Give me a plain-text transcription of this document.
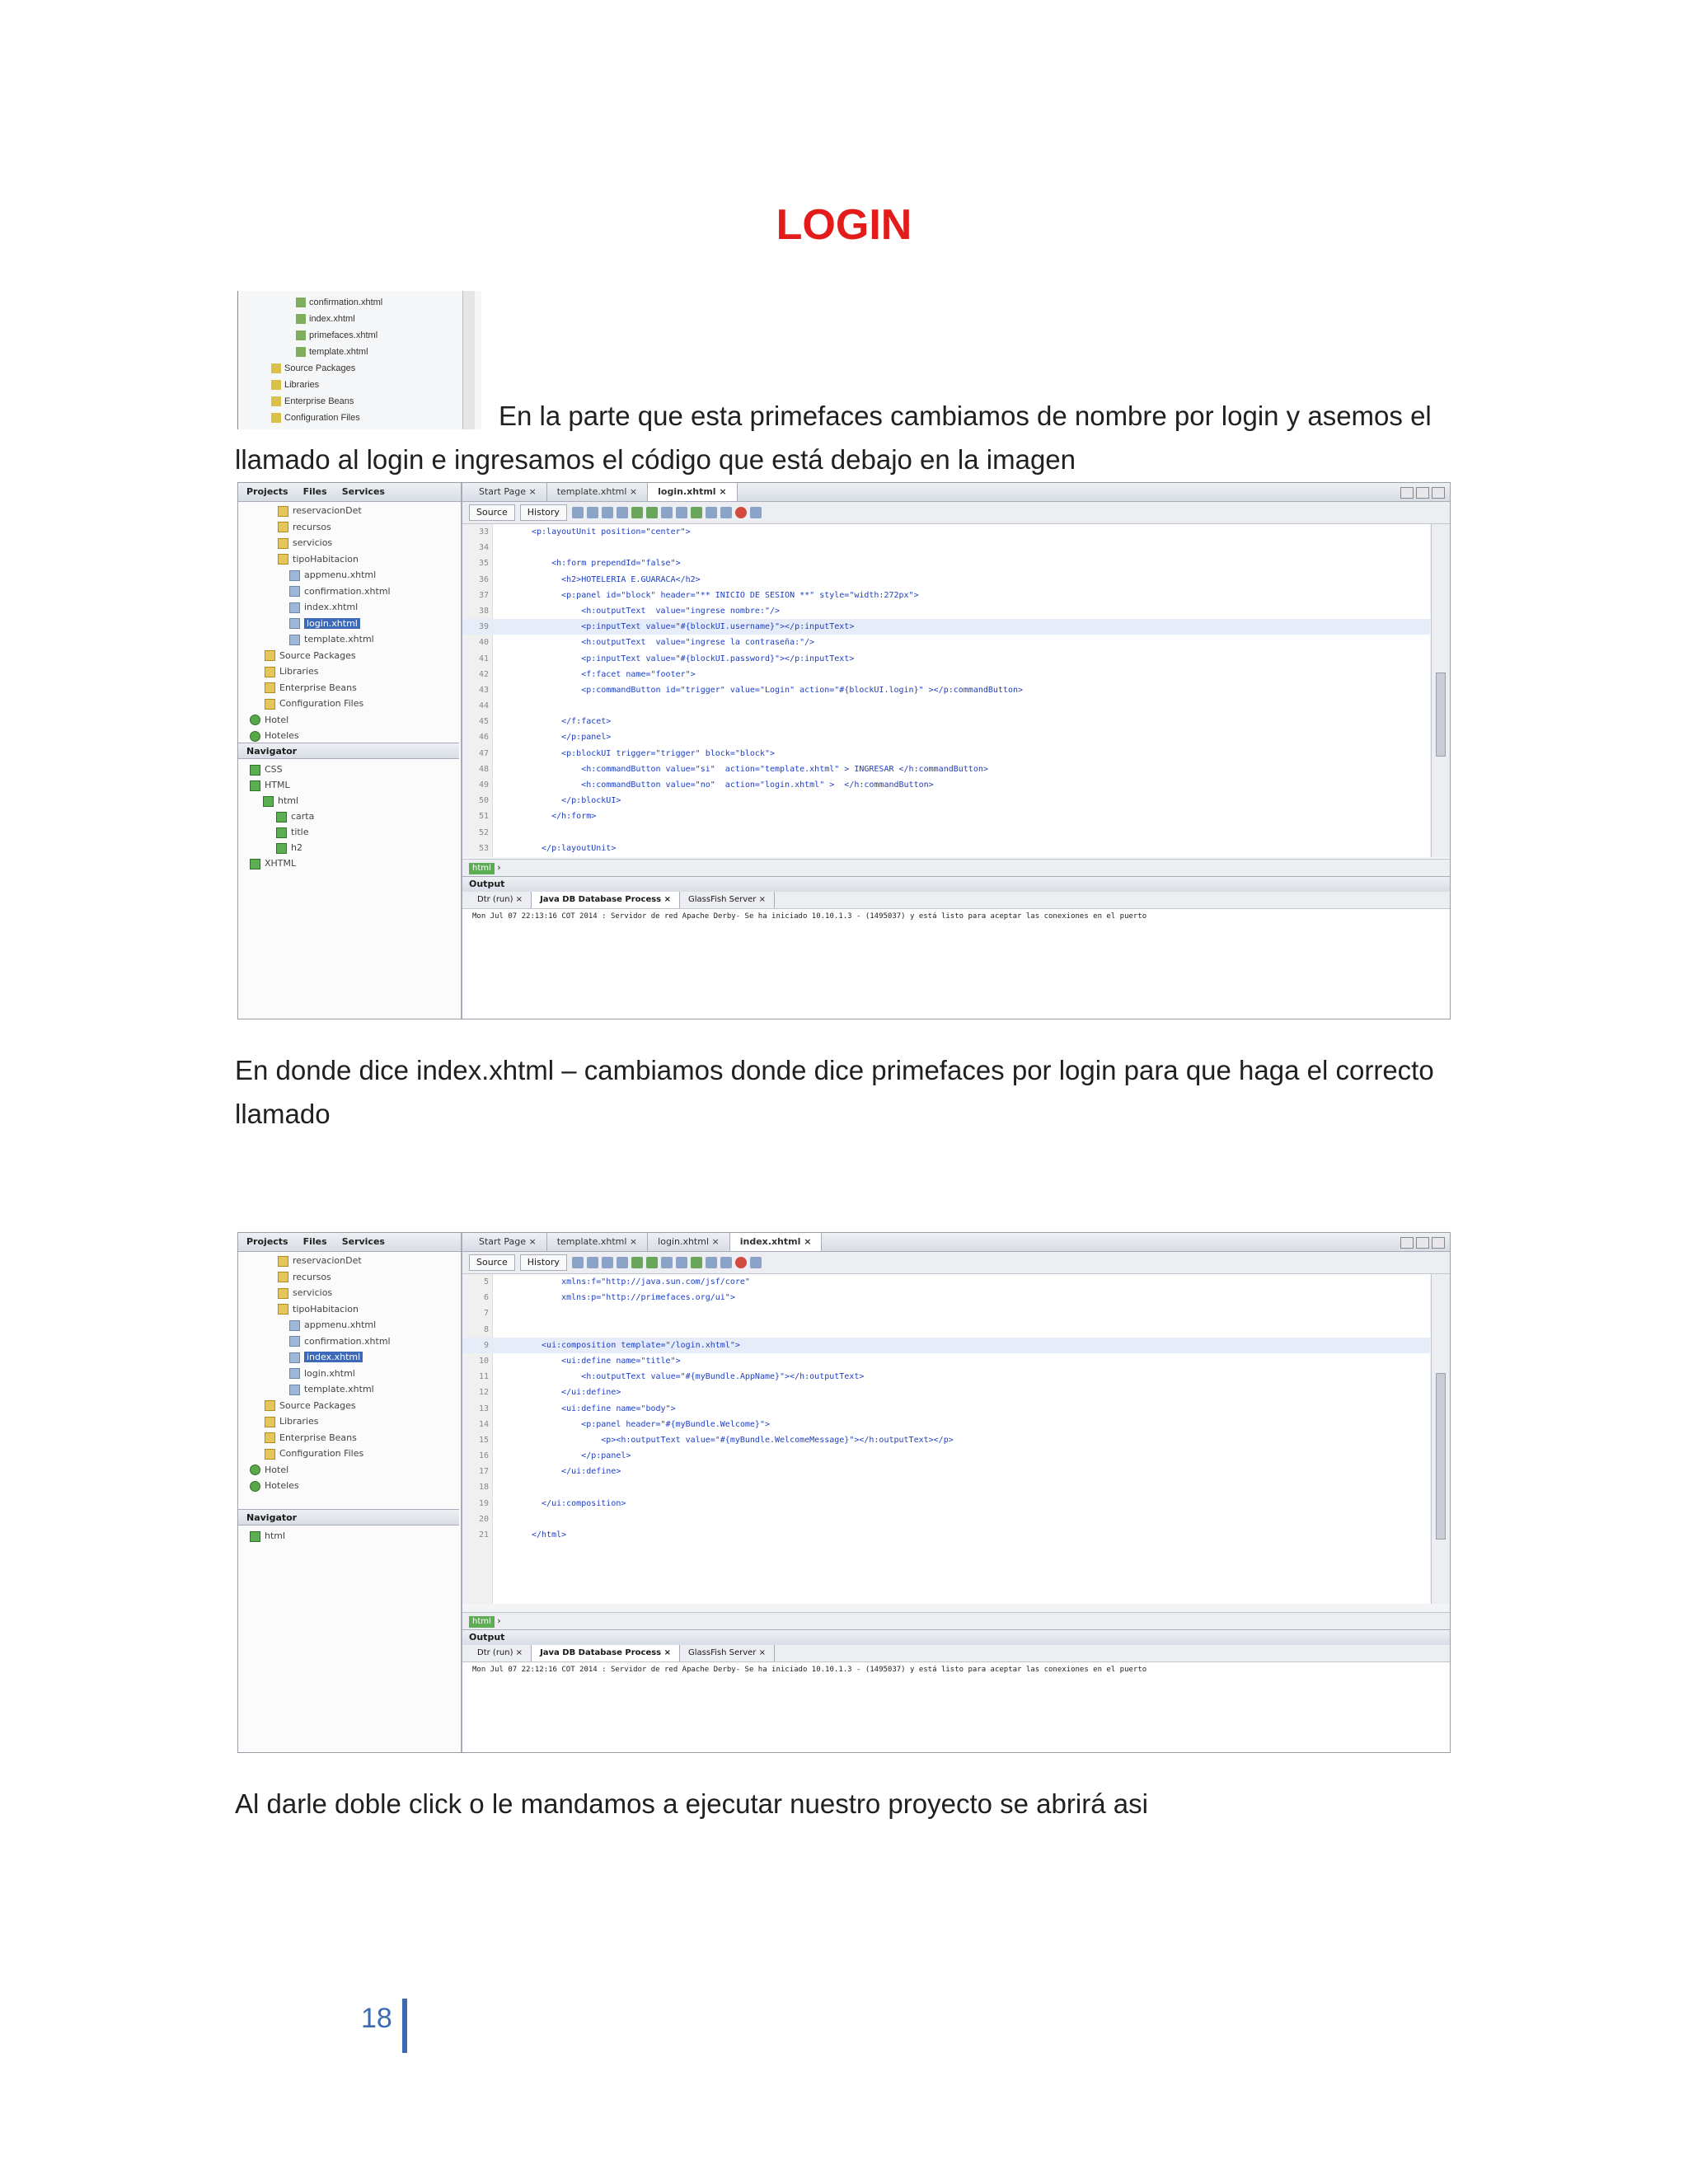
LOGIN
confirmation.xhtml
index.xhtml
primefaces.xhtml
template.xhtml
Source Packages
Libraries
Enterprise Beans
Configuration Files	En la parte que esta primefaces cambiamos de nombre por login y asemos el llamado al login e ingresamos el código que está debajo en la imagen
Projects Files Services
reservacionDet
recursos
servicios
tipoHabitacion
appmenu.xhtml
confirmation.xhtml
index.xhtml
login.xhtml
template.xhtml
Source Packages
Libraries
Enterprise Beans
Configuration Files
Hotel
Hoteles
Navigator
CSS
HTML
html
carta
title
h2
XHTML
Start Page × template.xhtml × login.xhtml ×
Source History
33	<p:layoutUnit position="center">
34
35	<h:form prependId="false">
36	<h2>HOTELERIA E.GUARACA</h2>
37	<p:panel id="block" header="** INICIO DE SESION **" style="width:272px">
38	<h:outputText  value="ingrese nombre:"/>
39	<p:inputText value="#{blockUI.username}"></p:inputText>
40	<h:outputText  value="ingrese la contraseña:"/>
41	<p:inputText value="#{blockUI.password}"></p:inputText>
42	<f:facet name="footer">
43	<p:commandButton id="trigger" value="Login" action="#{blockUI.login}" ></p:commandButton>
44
45	</f:facet>
46	</p:panel>
47	<p:blockUI trigger="trigger" block="block">
48	<h:commandButton value="si"  action="template.xhtml" > INGRESAR </h:commandButton>
49	<h:commandButton value="no"  action="login.xhtml" >  </h:commandButton>
50	</p:blockUI>
51	</h:form>
52
53	</p:layoutUnit>
html ›
Output
Dtr (run) × Java DB Database Process × GlassFish Server ×
Mon Jul 07 22:13:16 COT 2014 : Servidor de red Apache Derby- Se ha iniciado 10.10.1.3 - (1495037) y está listo para aceptar las conexiones en el puerto
En donde dice index.xhtml – cambiamos donde dice primefaces por login para que haga el correcto llamado
Projects Files Services
reservacionDet
recursos
servicios
tipoHabitacion
appmenu.xhtml
confirmation.xhtml
index.xhtml
login.xhtml
template.xhtml
Source Packages
Libraries
Enterprise Beans
Configuration Files
Hotel
Hoteles
Navigator
html
Start Page × template.xhtml × login.xhtml × index.xhtml ×
Source History
5	xmlns:f="http://java.sun.com/jsf/core"
6	xmlns:p="http://primefaces.org/ui">
7
8
9	<ui:composition template="/login.xhtml">
10	<ui:define name="title">
11	<h:outputText value="#{myBundle.AppName}"></h:outputText>
12	</ui:define>
13	<ui:define name="body">
14	<p:panel header="#{myBundle.Welcome}">
15	<p><h:outputText value="#{myBundle.WelcomeMessage}"></h:outputText></p>
16	</p:panel>
17	</ui:define>
18
19	</ui:composition>
20
21	</html>
html ›
Output
Dtr (run) × Java DB Database Process × GlassFish Server ×
Mon Jul 07 22:12:16 COT 2014 : Servidor de red Apache Derby- Se ha iniciado 10.10.1.3 - (1495037) y está listo para aceptar las conexiones en el puerto
Al darle doble click o le mandamos a ejecutar nuestro proyecto se abrirá asi
18
